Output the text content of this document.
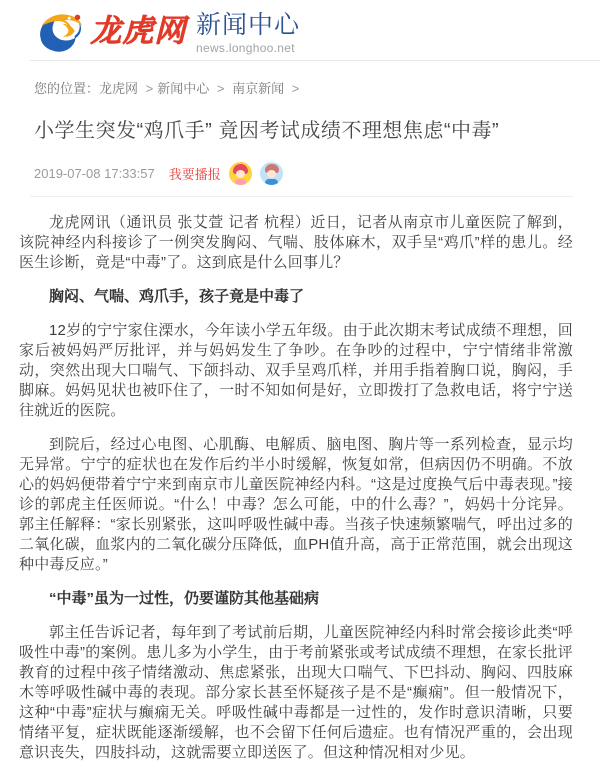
龙虎网 新闻中心
news.longhoo.net
您的位置：龙虎网 > 新闻中心 > 南京新闻 >
小学生突发“鸡爪手” 竟因考试成绩不理想焦虑“中毒”
2019-07-08 17:33:57 我要播报

龙虎网讯（通讯员 张艾萱 记者 杭程）近日，记者从南京市儿童医院了解到，该院神经内科接诊了一例突发胸闷、气喘、肢体麻木，双手呈“鸡爪”样的患儿。经医生诊断，竟是“中毒”了。这到底是什么回事儿？

胸闷、气喘、鸡爪手，孩子竟是中毒了

12岁的宁宁家住溧水，今年读小学五年级。由于此次期末考试成绩不理想，回家后被妈妈严厉批评，并与妈妈发生了争吵。在争吵的过程中，宁宁情绪非常激动，突然出现大口喘气、下颌抖动、双手呈鸡爪样，并用手指着胸口说，胸闷，手脚麻。妈妈见状也被吓住了，一时不知如何是好，立即拨打了急救电话，将宁宁送往就近的医院。

到院后，经过心电图、心肌酶、电解质、脑电图、胸片等一系列检查，显示均无异常。宁宁的症状也在发作后约半小时缓解，恢复如常，但病因仍不明确。不放心的妈妈便带着宁宁来到南京市儿童医院神经内科。“这是过度换气后中毒表现。”接诊的郭虎主任医师说。“什么！中毒？怎么可能，中的什么毒？”，妈妈十分诧异。郭主任解释：“家长别紧张，这叫呼吸性碱中毒。当孩子快速频繁喘气，呼出过多的二氧化碳，血浆内的二氧化碳分压降低，血PH值升高，高于正常范围，就会出现这种中毒反应。”

“中毒”虽为一过性，仍要谨防其他基础病

郭主任告诉记者，每年到了考试前后期，儿童医院神经内科时常会接诊此类“呼吸性中毒”的案例。患儿多为小学生，由于考前紧张或考试成绩不理想，在家长批评教育的过程中孩子情绪激动、焦虑紧张，出现大口喘气、下巴抖动、胸闷、四肢麻木等呼吸性碱中毒的表现。部分家长甚至怀疑孩子是不是“癫痫”。但一般情况下，这种“中毒”症状与癫痫无关。呼吸性碱中毒都是一过性的，发作时意识清晰，只要情绪平复，症状既能逐渐缓解，也不会留下任何后遗症。也有情况严重的，会出现意识丧失，四肢抖动，这就需要立即送医了。但这种情况相对少见。
